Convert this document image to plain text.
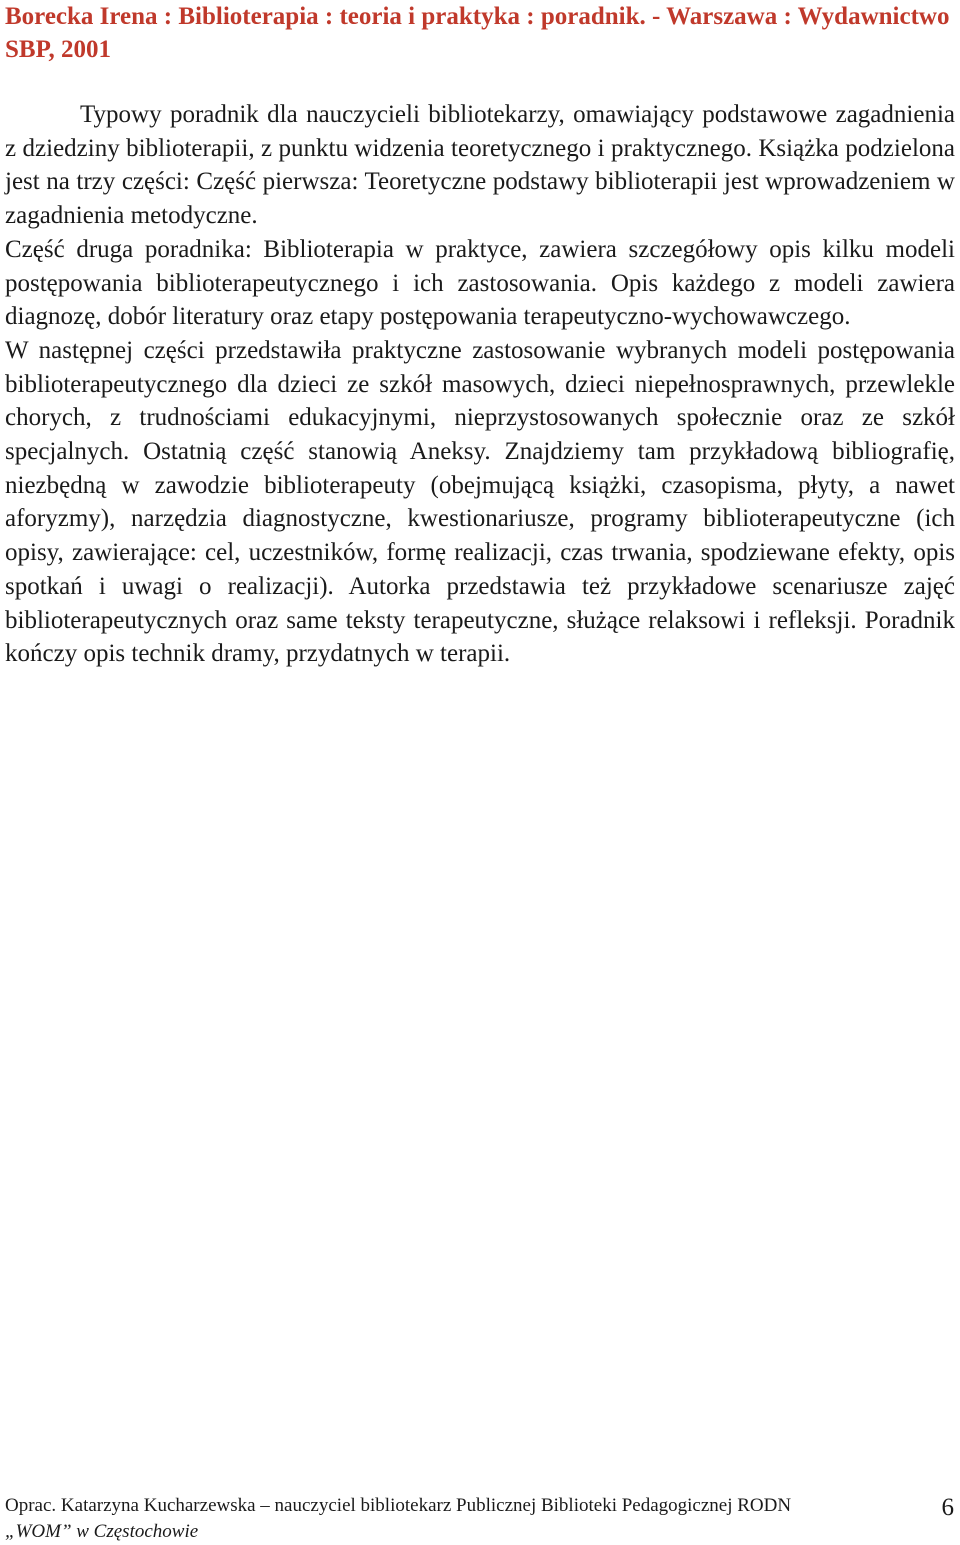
Borecka Irena : Biblioterapia : teoria i praktyka : poradnik. - Warszawa : Wydawnictwo SBP, 2001

Typowy poradnik dla nauczycieli bibliotekarzy, omawiający podstawowe zagadnienia z dziedziny biblioterapii, z punktu widzenia teoretycznego i praktycznego. Książka podzielona jest na trzy części: Część pierwsza: Teoretyczne podstawy biblioterapii jest wprowadzeniem w zagadnienia metodyczne.

Część druga poradnika: Biblioterapia w praktyce, zawiera szczegółowy opis kilku modeli postępowania biblioterapeutycznego i ich zastosowania. Opis każdego z modeli zawiera diagnozę, dobór literatury oraz etapy postępowania terapeutyczno-wychowawczego.

W następnej części przedstawiła praktyczne zastosowanie wybranych modeli postępowania biblioterapeutycznego dla dzieci ze szkół masowych, dzieci niepełnosprawnych, przewlekle chorych, z trudnościami edukacyjnymi, nieprzystosowanych społecznie oraz ze szkół specjalnych. Ostatnią część stanowią Aneksy. Znajdziemy tam przykładową bibliografię, niezbędną w zawodzie biblioterapeuty (obejmującą książki, czasopisma, płyty, a nawet aforyzmy), narzędzia diagnostyczne, kwestionariusze, programy biblioterapeutyczne (ich opisy, zawierające: cel, uczestników, formę realizacji, czas trwania, spodziewane efekty, opis spotkań i uwagi o realizacji). Autorka przedstawia też przykładowe scenariusze zajęć biblioterapeutycznych oraz same teksty terapeutyczne, służące relaksowi i refleksji. Poradnik kończy opis technik dramy, przydatnych w terapii.

Oprac. Katarzyna Kucharzewska – nauczyciel bibliotekarz Publicznej Biblioteki Pedagogicznej RODN
„WOM” w Częstochowie
6
